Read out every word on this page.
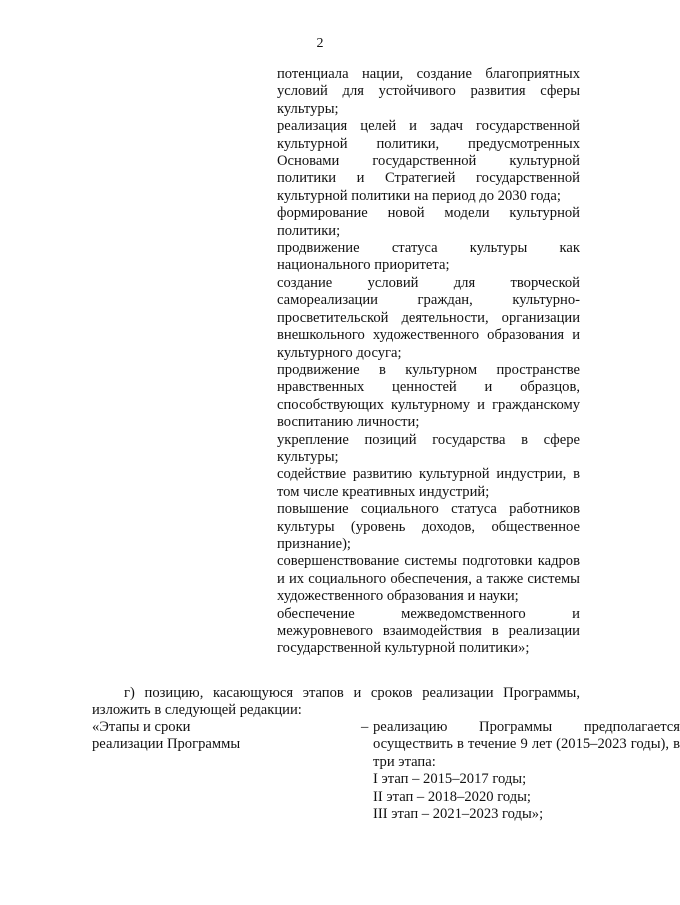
2

потенциала нации, создание благоприятных условий для устойчивого развития сферы культуры;

реализация целей и задач государственной культурной политики, предусмотренных Основами государственной культурной политики и Стратегией государственной культурной политики на период до 2030 года;

формирование новой модели культурной политики;

продвижение статуса культуры как национального приоритета;

создание условий для творческой самореализации граждан, культурно-просветительской деятельности, организации внешкольного художественного образования и культурного досуга;

продвижение в культурном пространстве нравственных ценностей и образцов, способствующих культурному и гражданскому воспитанию личности;

укрепление позиций государства в сфере культуры;

содействие развитию культурной индустрии, в том числе креативных индустрий;

повышение социального статуса работников культуры (уровень доходов, общественное признание);

совершенствование системы подготовки кадров и их социального обеспечения, а также системы художественного образования и науки;

обеспечение межведомственного и межуровневого взаимодействия в реализации государственной культурной политики»;

г) позицию, касающуюся этапов и сроков реализации Программы, изложить в следующей редакции:

«Этапы и сроки

реализации Программы

– реализацию Программы предполагается осуществить в течение 9 лет (2015–2023 годы), в три этапа:

I этап – 2015–2017 годы;

II этап – 2018–2020 годы;

III этап – 2021–2023 годы»;
